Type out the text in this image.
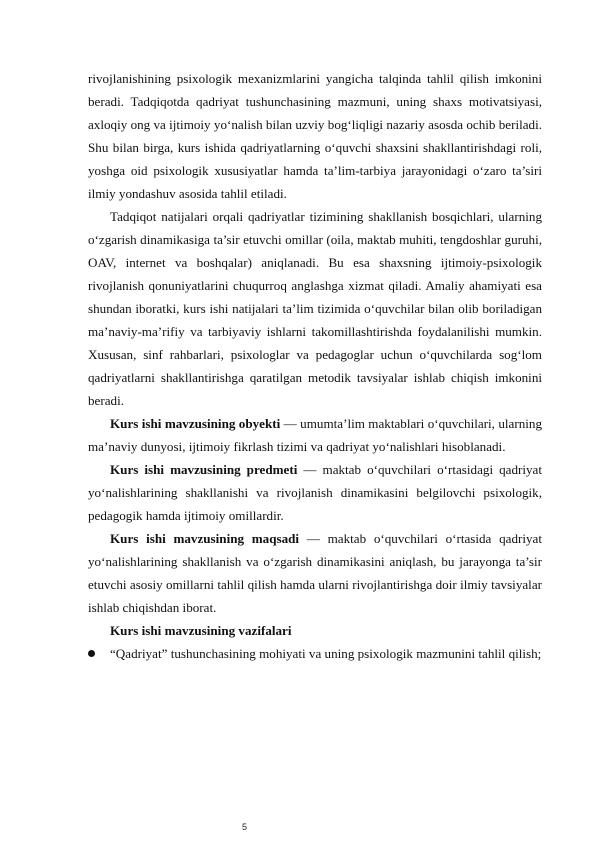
rivojlanishining psixologik mexanizmlarini yangicha talqinda tahlil qilish imkonini beradi. Tadqiqotda qadriyat tushunchasining mazmuni, uning shaxs motivatsiyasi, axloqiy ong va ijtimoiy yo‘nalish bilan uzviy bog‘liqligi nazariy asosda ochib beriladi. Shu bilan birga, kurs ishida qadriyatlarning o‘quvchi shaxsini shakllantirishdagi roli, yoshga oid psixologik xususiyatlar hamda ta’lim-tarbiya jarayonidagi o‘zaro ta’siri ilmiy yondashuv asosida tahlil etiladi.

Tadqiqot natijalari orqali qadriyatlar tizimining shakllanish bosqichlari, ularning o‘zgarish dinamikasiga ta’sir etuvchi omillar (oila, maktab muhiti, tengdoshlar guruhi, OAV, internet va boshqalar) aniqlanadi. Bu esa shaxsning ijtimoiy-psixologik rivojlanish qonuniyatlarini chuqurroq anglashga xizmat qiladi. Amaliy ahamiyati esa shundan iboratki, kurs ishi natijalari ta’lim tizimida o‘quvchilar bilan olib boriladigan ma’naviy-ma’rifiy va tarbiyaviy ishlarni takomillashtirishda foydalanilishi mumkin. Xususan, sinf rahbarlari, psixologlar va pedagoglar uchun o‘quvchilarda sog‘lom qadriyatlarni shakllantirishga qaratilgan metodik tavsiyalar ishlab chiqish imkonini beradi.

Kurs ishi mavzusining obyekti — umumta’lim maktablari o‘quvchilari, ularning ma’naviy dunyosi, ijtimoiy fikrlash tizimi va qadriyat yo‘nalishlari hisoblanadi.

Kurs ishi mavzusining predmeti — maktab o‘quvchilari o‘rtasidagi qadriyat yo‘nalishlarining shakllanishi va rivojlanish dinamikasini belgilovchi psixologik, pedagogik hamda ijtimoiy omillardir.

Kurs ishi mavzusining maqsadi — maktab o‘quvchilari o‘rtasida qadriyat yo‘nalishlarining shakllanish va o‘zgarish dinamikasini aniqlash, bu jarayonga ta’sir etuvchi asosiy omillarni tahlil qilish hamda ularni rivojlantirishga doir ilmiy tavsiyalar ishlab chiqishdan iborat.

Kurs ishi mavzusining vazifalari

“Qadriyat” tushunchasining mohiyati va uning psixologik mazmunini tahlil qilish;

5
